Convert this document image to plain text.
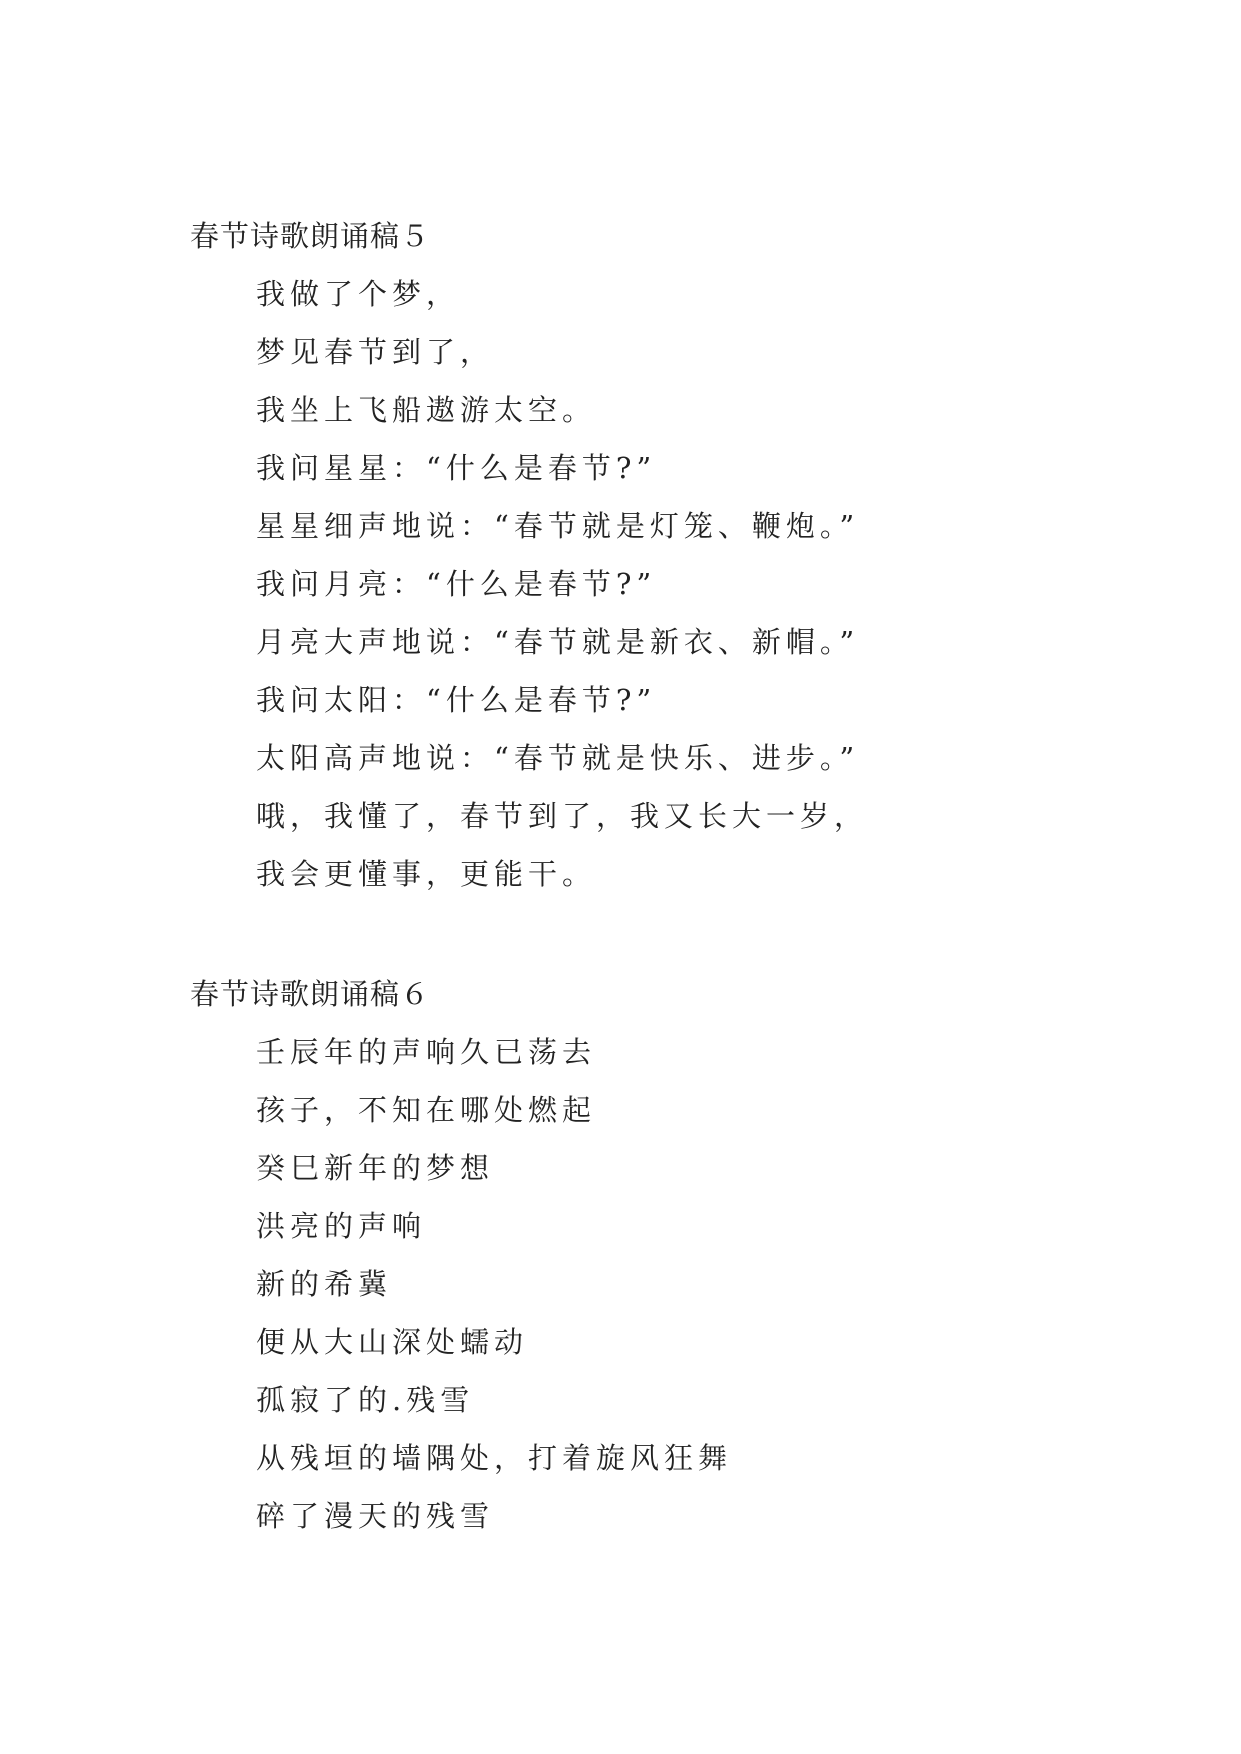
春节诗歌朗诵稿５
我做了个梦，
梦见春节到了，
我坐上飞船遨游太空。
我问星星：“什么是春节?”
星星细声地说：“春节就是灯笼、鞭炮。”
我问月亮：“什么是春节?”
月亮大声地说：“春节就是新衣、新帽。”
我问太阳：“什么是春节?”
太阳高声地说：“春节就是快乐、进步。”
哦，我懂了，春节到了，我又长大一岁，
我会更懂事，更能干。
春节诗歌朗诵稿６
壬辰年的声响久已荡去
孩子，不知在哪处燃起
癸巳新年的梦想
洪亮的声响
新的希冀
便从大山深处蠕动
孤寂了的.残雪
从残垣的墙隅处，打着旋风狂舞
碎了漫天的残雪
